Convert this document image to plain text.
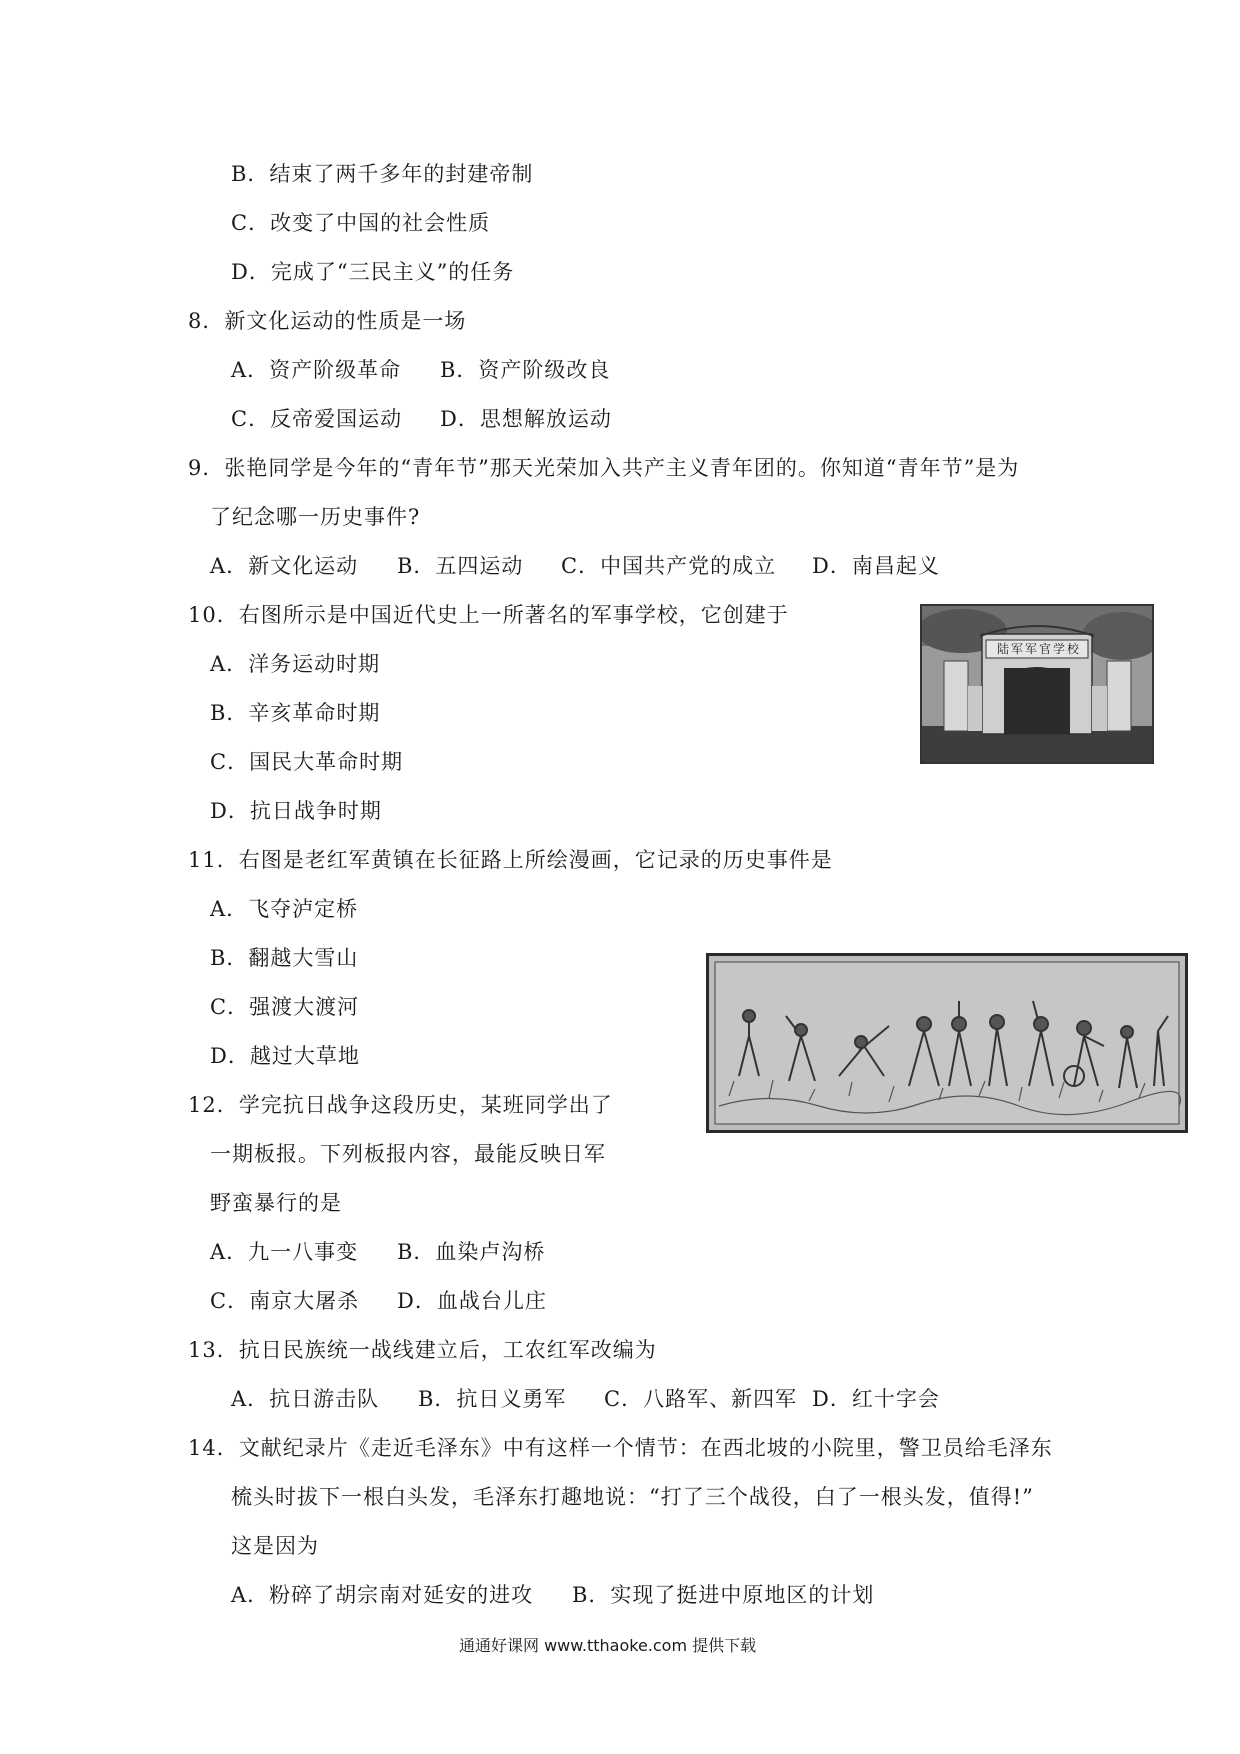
B．结束了两千多年的封建帝制
C．改变了中国的社会性质
D．完成了“三民主义”的任务
8．新文化运动的性质是一场
A．资产阶级革命 B．资产阶级改良
C．反帝爱国运动 D．思想解放运动
9．张艳同学是今年的“青年节”那天光荣加入共产主义青年团的。你知道“青年节”是为
了纪念哪一历史事件?
A．新文化运动 B．五四运动 C．中国共产党的成立 D．南昌起义
10．右图所示是中国近代史上一所著名的军事学校，它创建于
A．洋务运动时期
B．辛亥革命时期
C．国民大革命时期
D．抗日战争时期
陆军军官学校
11．右图是老红军黄镇在长征路上所绘漫画，它记录的历史事件是
A．飞夺泸定桥
B．翻越大雪山
C．强渡大渡河
D．越过大草地
12．学完抗日战争这段历史，某班同学出了
一期板报。下列板报内容，最能反映日军
野蛮暴行的是
A．九一八事变 B．血染卢沟桥
C．南京大屠杀 D．血战台儿庄
13．抗日民族统一战线建立后，工农红军改编为
A．抗日游击队 B．抗日义勇军 C．八路军、新四军 D．红十字会
14．文献纪录片《走近毛泽东》中有这样一个情节：在西北坡的小院里，警卫员给毛泽东
梳头时拔下一根白头发，毛泽东打趣地说：“打了三个战役，白了一根头发，值得!”
这是因为
A．粉碎了胡宗南对延安的进攻 B．实现了挺进中原地区的计划
通通好课网 www.tthaoke.com 提供下载
